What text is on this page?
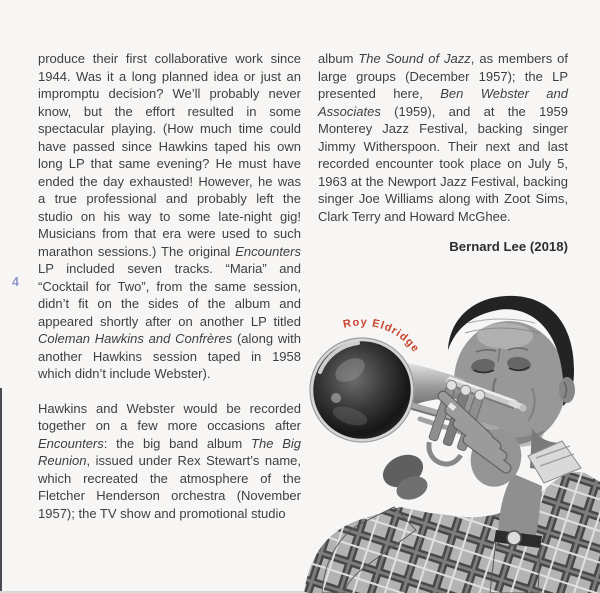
produce their first collaborative work since 1944. Was it a long planned idea or just an impromptu decision? We’ll probably never know, but the effort resulted in some spectacular playing. (How much time could have passed since Hawkins taped his own long LP that same evening? He must have ended the day exhausted! However, he was a true professional and probably left the studio on his way to some late-night gig! Musicians from that era were used to such marathon sessions.) The original Encounters LP included seven tracks. “Maria” and “Cocktail for Two”, from the same session, didn’t fit on the sides of the album and appeared shortly after on another LP titled Coleman Hawkins and Confrères (along with another Hawkins session taped in 1958 which didn’t include Webster).

Hawkins and Webster would be recorded together on a few more occasions after Encounters: the big band album The Big Reunion, issued under Rex Stewart’s name, which recreated the atmosphere of the Fletcher Henderson orchestra (November 1957); the TV show and promotional studio

album The Sound of Jazz, as members of large groups (December 1957); the LP presented here, Ben Webster and Associates (1959), and at the 1959 Monterey Jazz Festival, backing singer Jimmy Witherspoon. Their next and last recorded encounter took place on July 5, 1963 at the Newport Jazz Festival, backing singer Joe Williams along with Zoot Sims, Clark Terry and Howard McGhee.

Bernard Lee (2018)
4
Roy Eldridge
